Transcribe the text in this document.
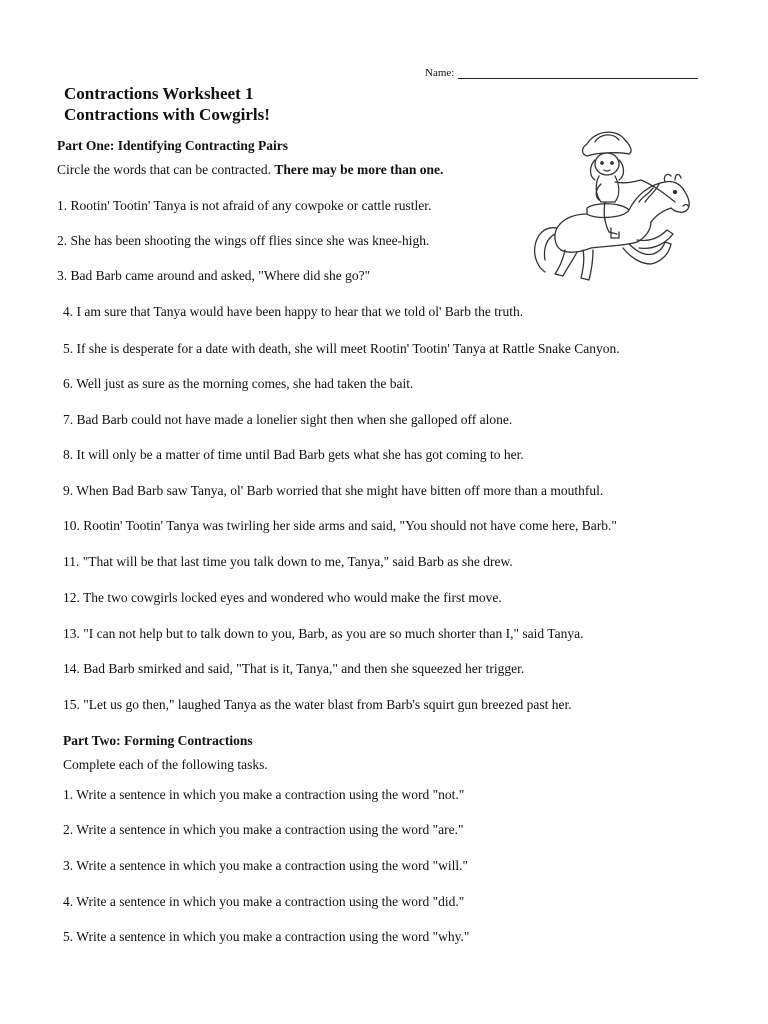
Name:
Contractions Worksheet 1
Contractions with Cowgirls!
Part One: Identifying Contracting Pairs
Circle the words that can be contracted. There may be more than one.
1. Rootin' Tootin' Tanya is not afraid of any cowpoke or cattle rustler.
2. She has been shooting the wings off flies since she was knee-high.
3. Bad Barb came around and asked, "Where did she go?"
4. I am sure that Tanya would have been happy to hear that we told ol' Barb the truth.
5. If she is desperate for a date with death, she will meet Rootin' Tootin' Tanya at Rattle Snake Canyon.
6. Well just as sure as the morning comes, she had taken the bait.
7. Bad Barb could not have made a lonelier sight then when she galloped off alone.
8. It will only be a matter of time until Bad Barb gets what she has got coming to her.
9. When Bad Barb saw Tanya, ol' Barb worried that she might have bitten off more than a mouthful.
10. Rootin' Tootin' Tanya was twirling her side arms and said, "You should not have come here, Barb."
11. "That will be that last time you talk down to me, Tanya," said Barb as she drew.
12. The two cowgirls locked eyes and wondered who would make the first move.
13. "I can not help but to talk down to you, Barb, as you are so much shorter than I," said Tanya.
14. Bad Barb smirked and said, "That is it, Tanya," and then she squeezed her trigger.
15. "Let us go then," laughed Tanya as the water blast from Barb's squirt gun breezed past her.
Part Two: Forming Contractions
Complete each of the following tasks.
1. Write a sentence in which you make a contraction using the word "not."
2. Write a sentence in which you make a contraction using the word "are."
3. Write a sentence in which you make a contraction using the word "will."
4. Write a sentence in which you make a contraction using the word "did."
5. Write a sentence in which you make a contraction using the word "why."
